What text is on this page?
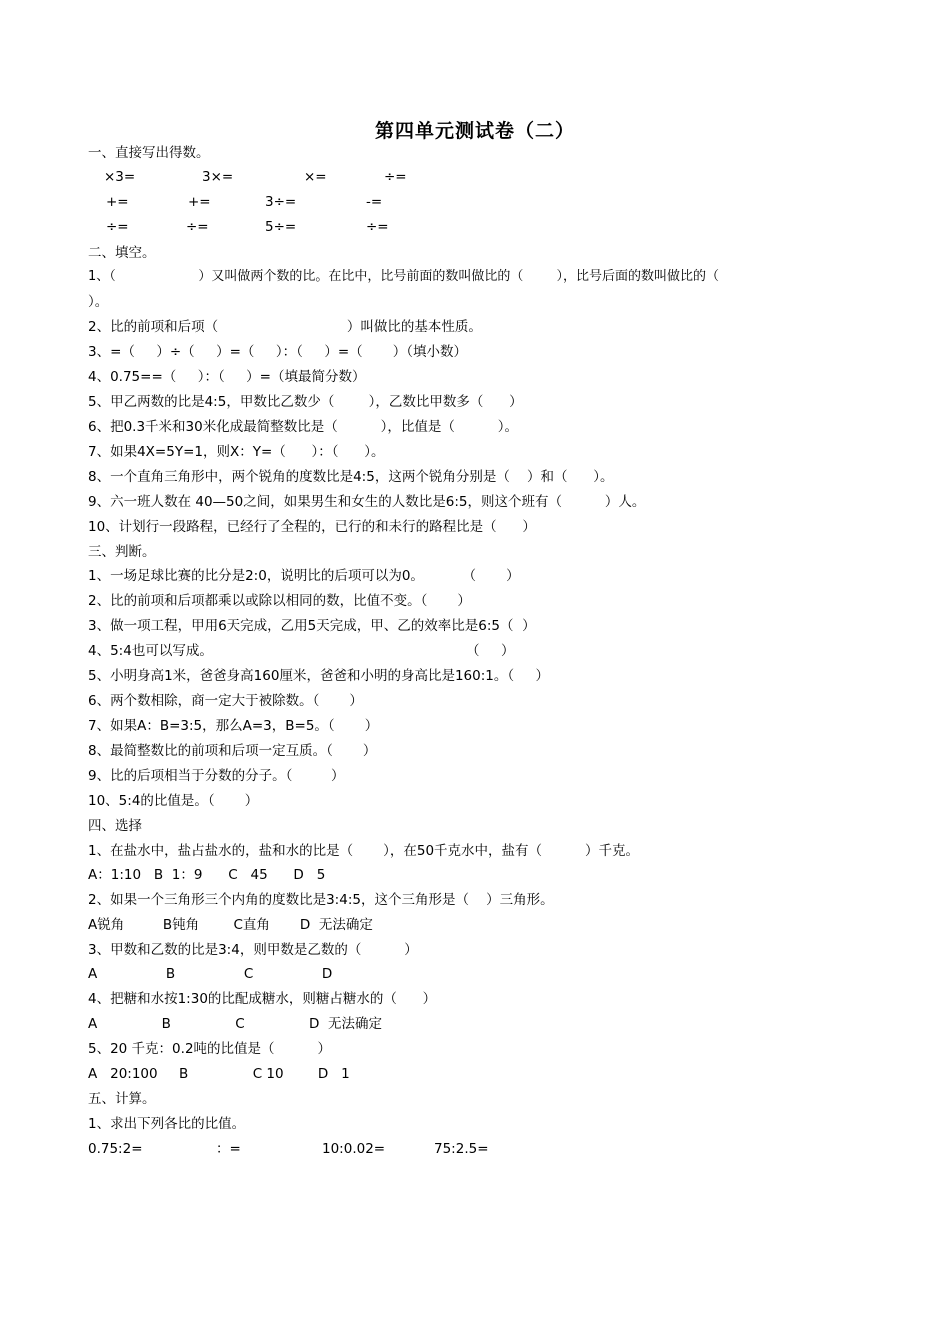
第四单元测试卷（二）
一、直接写出得数。
×3=	3×=	×=	÷=
+=	+=	3÷=	-=
÷=	÷=	5÷=	÷=
二、填空。
1、（                    ）又叫做两个数的比。在比中，比号前面的数叫做比的（        ），比号后面的数叫做比的（
）。
2、比的前项和后项（                              ）叫做比的基本性质。
3、=（     ）÷（     ）=（     ）：（     ）=（       ）（填小数）
4、0.75==（     ）：（     ）=（填最简分数）
5、甲乙两数的比是4:5，甲数比乙数少（        ），乙数比甲数多（      ）
6、把0.3千米和30米化成最简整数比是（          ），比值是（          ）。
7、如果4X=5Y=1，则X：Y=（      ）：（      ）。
8、一个直角三角形中，两个锐角的度数比是4:5，这两个锐角分别是（    ）和（      ）。
9、六一班人数在 40—50之间，如果男生和女生的人数比是6:5，则这个班有（          ）人。
10、计划行一段路程，已经行了全程的，已行的和未行的路程比是（      ）
三、判断。
1、一场足球比赛的比分是2:0，说明比的后项可以为0。         （       ）
2、比的前项和后项都乘以或除以相同的数，比值不变。（       ）
3、做一项工程，甲用6天完成，乙用5天完成，甲、乙的效率比是6:5（  ）
4、5:4也可以写成。                                                           （     ）
5、小明身高1米，爸爸身高160厘米，爸爸和小明的身高比是160:1。（     ）
6、两个数相除，商一定大于被除数。（       ）
7、如果A：B=3:5，那么A=3，B=5。（       ）
8、最简整数比的前项和后项一定互质。（       ）
9、比的后项相当于分数的分子。（         ）
10、5:4的比值是。（       ）
四、选择
1、在盐水中，盐占盐水的，盐和水的比是（       ），在50千克水中，盐有（          ）千克。
A：1:10   B  1：9      C   45      D   5
2、如果一个三角形三个内角的度数比是3:4:5，这个三角形是（    ）三角形。
A锐角         B钝角        C直角       D  无法确定
3、甲数和乙数的比是3:4，则甲数是乙数的（          ）
A                B                C                D
4、把糖和水按1:30的比配成糖水，则糖占糖水的（      ）
A               B               C               D  无法确定
5、20 千克：0.2吨的比值是（          ）
A   20:100     B               C 10        D   1
五、计算。
1、求出下列各比的比值。
0.75:2=	：=	10:0.02=	75:2.5=
